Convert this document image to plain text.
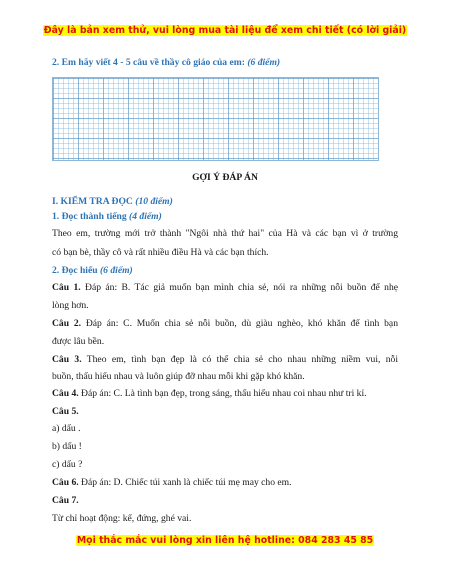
Đây là bản xem thử, vui lòng mua tài liệu để xem chi tiết (có lời giải)
2. Em hãy viết 4 - 5 câu về thầy cô giáo của em: (6 điểm)
GỢI Ý ĐÁP ÁN
I. KIỂM TRA ĐỌC (10 điểm)
1. Đọc thành tiếng (4 điểm)
Theo em, trường mới trở thành "Ngôi nhà thứ hai" của Hà và các bạn vì ở trường
có bạn bè, thầy cô và rất nhiều điều Hà và các bạn thích.
2. Đọc hiểu (6 điểm)
Câu 1. Đáp án: B. Tác giả muốn bạn mình chia sẻ, nói ra những nỗi buồn để nhẹ
lòng hơn.
Câu 2. Đáp án: C. Muốn chia sẻ nỗi buồn, dù giàu nghèo, khó khăn để tình bạn
được lâu bền.
Câu 3. Theo em, tình bạn đẹp là có thể chia sẻ cho nhau những niềm vui, nỗi
buồn, thấu hiểu nhau và luôn giúp đỡ nhau mỗi khi gặp khó khăn.
Câu 4. Đáp án: C. Là tình bạn đẹp, trong sáng, thấu hiểu nhau coi nhau như tri kỉ.
Câu 5.
a) dấu .
b) dấu !
c) dấu ?
Câu 6. Đáp án: D. Chiếc túi xanh là chiếc túi mẹ may cho em.
Câu 7.
Từ chỉ hoạt động: kể, đứng, ghé vai.
Mọi thắc mắc vui lòng xin liên hệ hotline: 084 283 45 85
